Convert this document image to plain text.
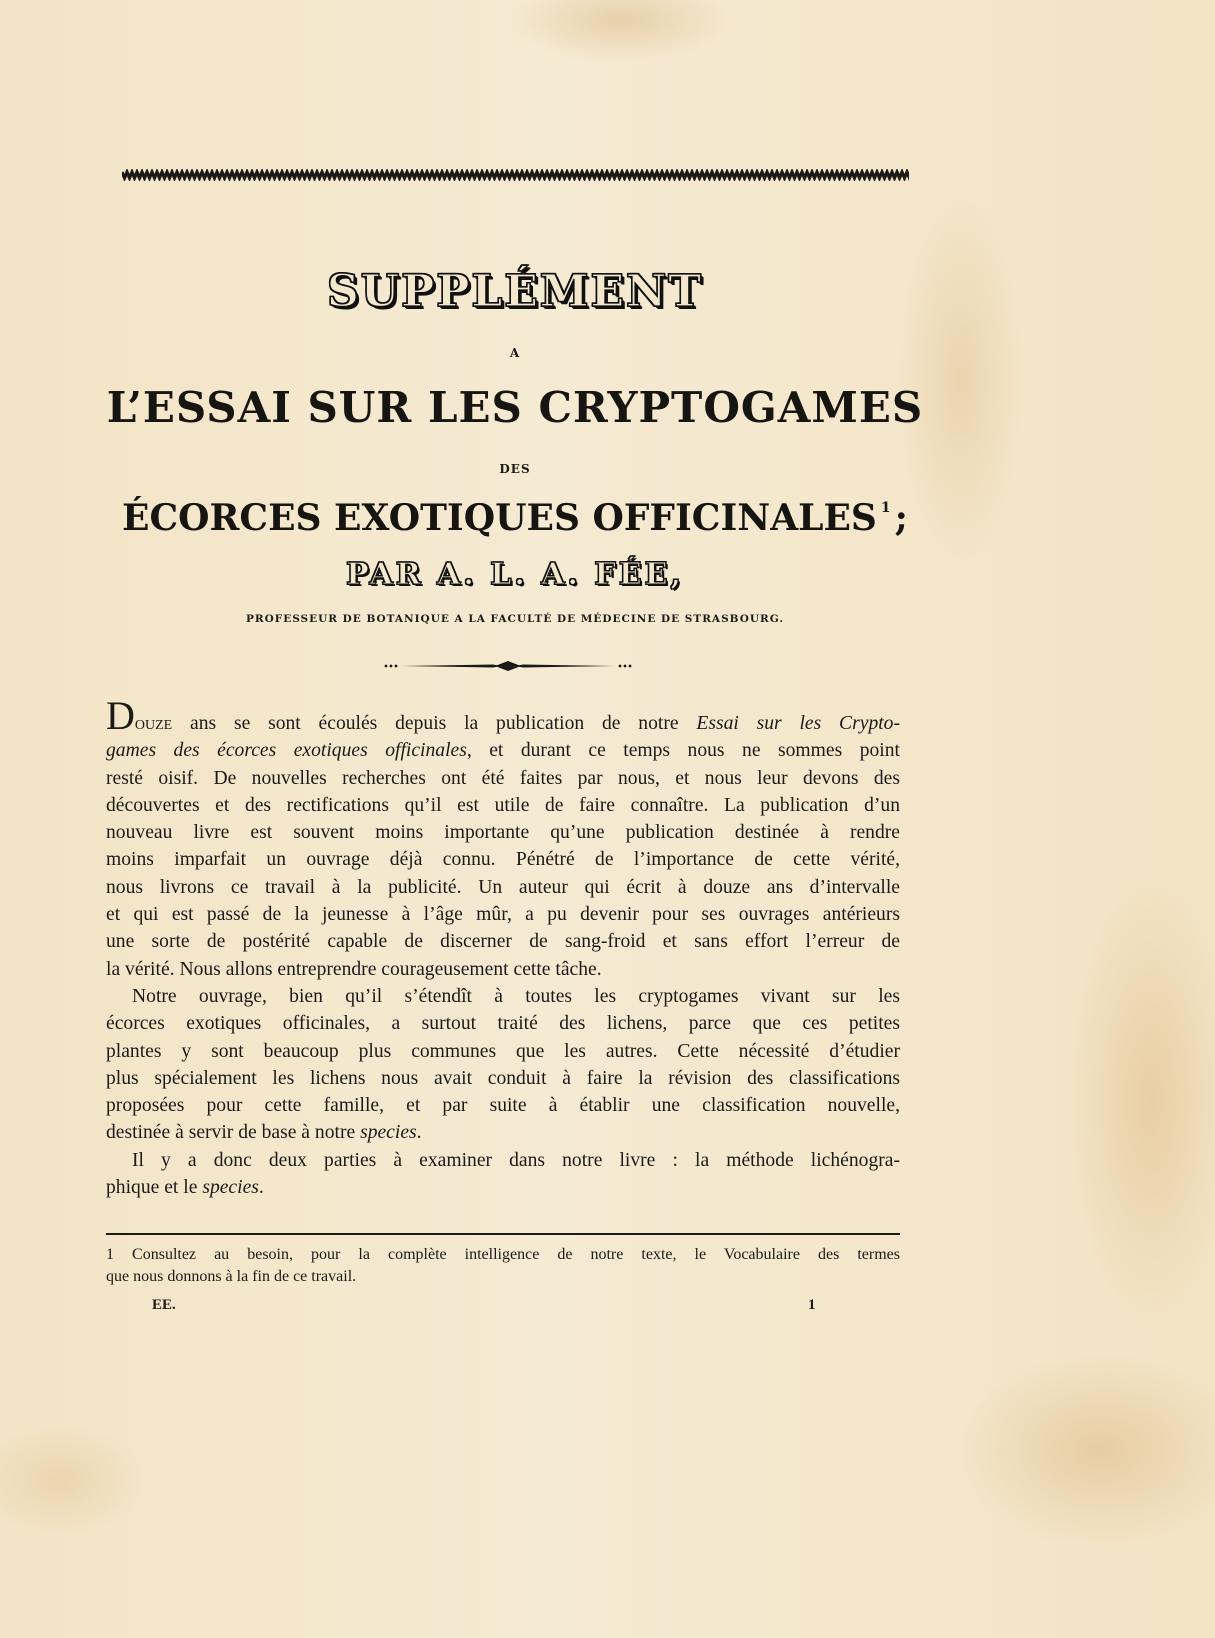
SUPPLÉMENT
A
L’ESSAI SUR LES CRYPTOGAMES
DES
ÉCORCES EXOTIQUES OFFICINALES $^1$ ;
PAR A. L. A. FÉE,
PROFESSEUR DE BOTANIQUE A LA FACULTÉ DE MÉDECINE DE STRASBOURG.

Douze ans se sont écoulés depuis la publication de notre Essai sur les Crypto-
games des écorces exotiques officinales, et durant ce temps nous ne sommes point
resté oisif. De nouvelles recherches ont été faites par nous, et nous leur devons des
découvertes et des rectifications qu’il est utile de faire connaître. La publication d’un
nouveau livre est souvent moins importante qu’une publication destinée à rendre
moins imparfait un ouvrage déjà connu. Pénétré de l’importance de cette vérité,
nous livrons ce travail à la publicité. Un auteur qui écrit à douze ans d’intervalle
et qui est passé de la jeunesse à l’âge mûr, a pu devenir pour ses ouvrages antérieurs
une sorte de postérité capable de discerner de sang-froid et sans effort l’erreur de
la vérité. Nous allons entreprendre courageusement cette tâche.

Notre ouvrage, bien qu’il s’étendît à toutes les cryptogames vivant sur les
écorces exotiques officinales, a surtout traité des lichens, parce que ces petites
plantes y sont beaucoup plus communes que les autres. Cette nécessité d’étudier
plus spécialement les lichens nous avait conduit à faire la révision des classifications
proposées pour cette famille, et par suite à établir une classification nouvelle,
destinée à servir de base à notre species.

Il y a donc deux parties à examiner dans notre livre : la méthode lichénogra-
phique et le species.

1 Consultez au besoin, pour la complète intelligence de notre texte, le Vocabulaire des termes
que nous donnons à la fin de ce travail.
EE.	1
